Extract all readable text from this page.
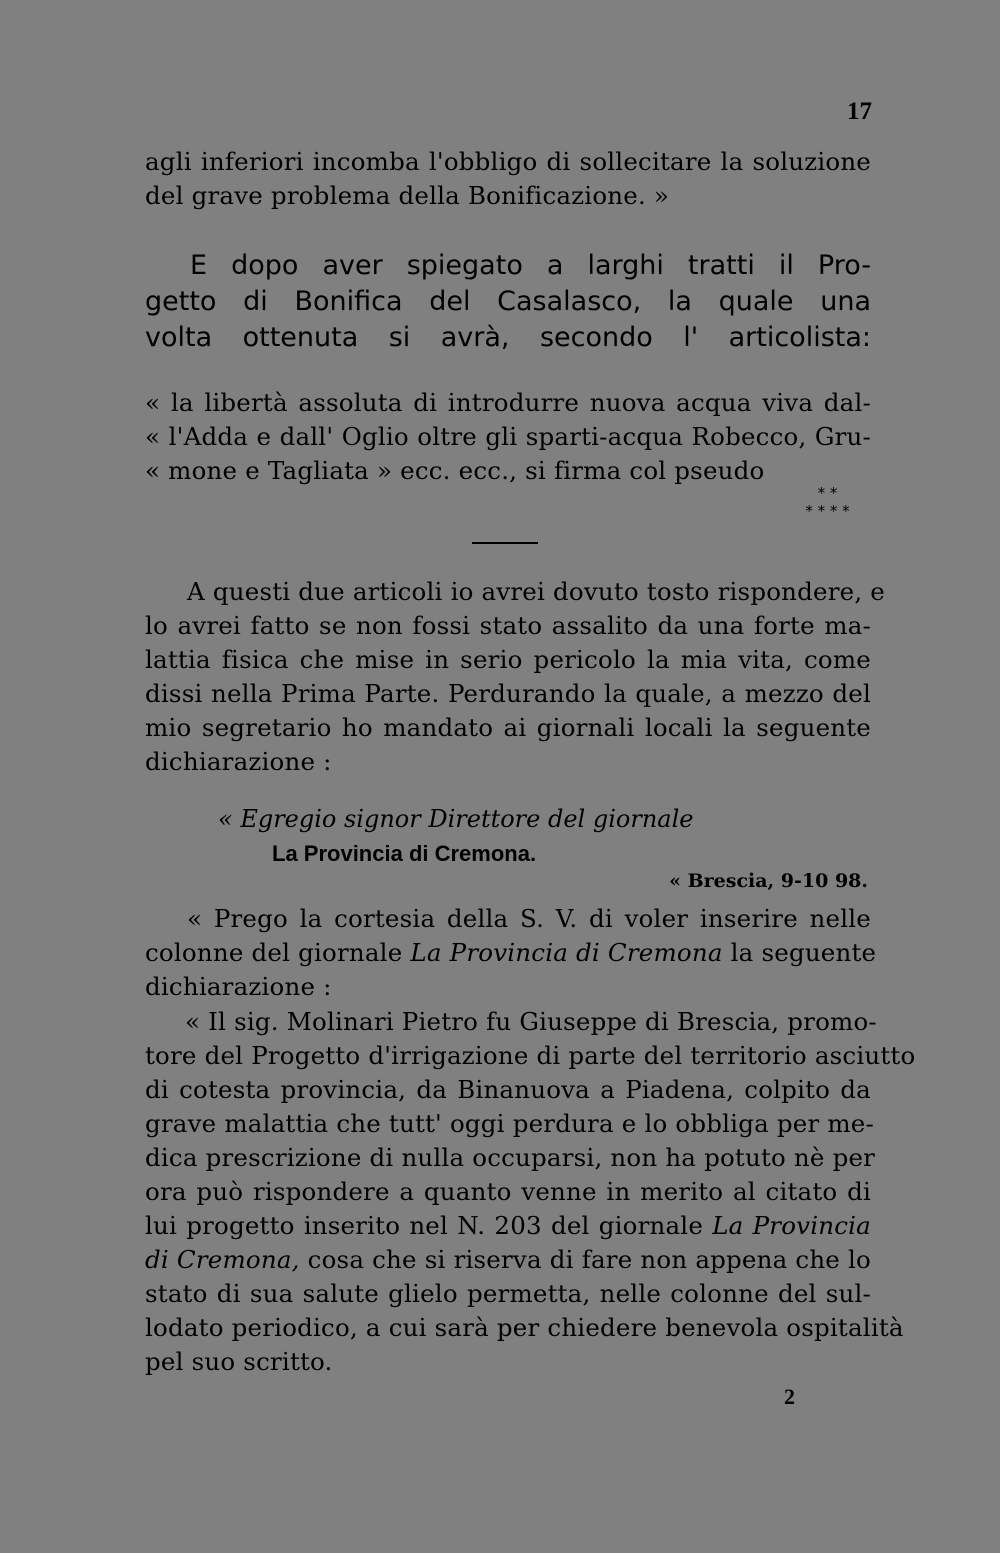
17
agli inferiori incomba l'obbligo di sollecitare la soluzione
del grave problema della Bonificazione. »
E dopo aver spiegato a larghi tratti il Pro-
getto di Bonifica del Casalasco, la quale una
volta ottenuta si avrà, secondo l' articolista:
« la libertà assoluta di introdurre nuova acqua viva dal-
« l'Adda e dall' Oglio oltre gli sparti-acqua Robecco, Gru-
« mone e Tagliata » ecc. ecc., si firma col pseudo
* *
* * * *
A questi due articoli io avrei dovuto tosto rispondere, e
lo avrei fatto se non fossi stato assalito da una forte ma-
lattia fisica che mise in serio pericolo la mia vita, come
dissi nella Prima Parte. Perdurando la quale, a mezzo del
mio segretario ho mandato ai giornali locali la seguente
dichiarazione :
« Egregio signor Direttore del giornale
La Provincia di Cremona.
« Brescia, 9-10 98.
« Prego la cortesia della S. V. di voler inserire nelle
colonne del giornale La Provincia di Cremona la seguente
dichiarazione :
« Il sig. Molinari Pietro fu Giuseppe di Brescia, promo-
tore del Progetto d'irrigazione di parte del territorio asciutto
di cotesta provincia, da Binanuova a Piadena, colpito da
grave malattia che tutt' oggi perdura e lo obbliga per me-
dica prescrizione di nulla occuparsi, non ha potuto nè per
ora può rispondere a quanto venne in merito al citato di
lui progetto inserito nel N. 203 del giornale La Provincia
di Cremona, cosa che si riserva di fare non appena che lo
stato di sua salute glielo permetta, nelle colonne del sul-
lodato periodico, a cui sarà per chiedere benevola ospitalità
pel suo scritto.
2
